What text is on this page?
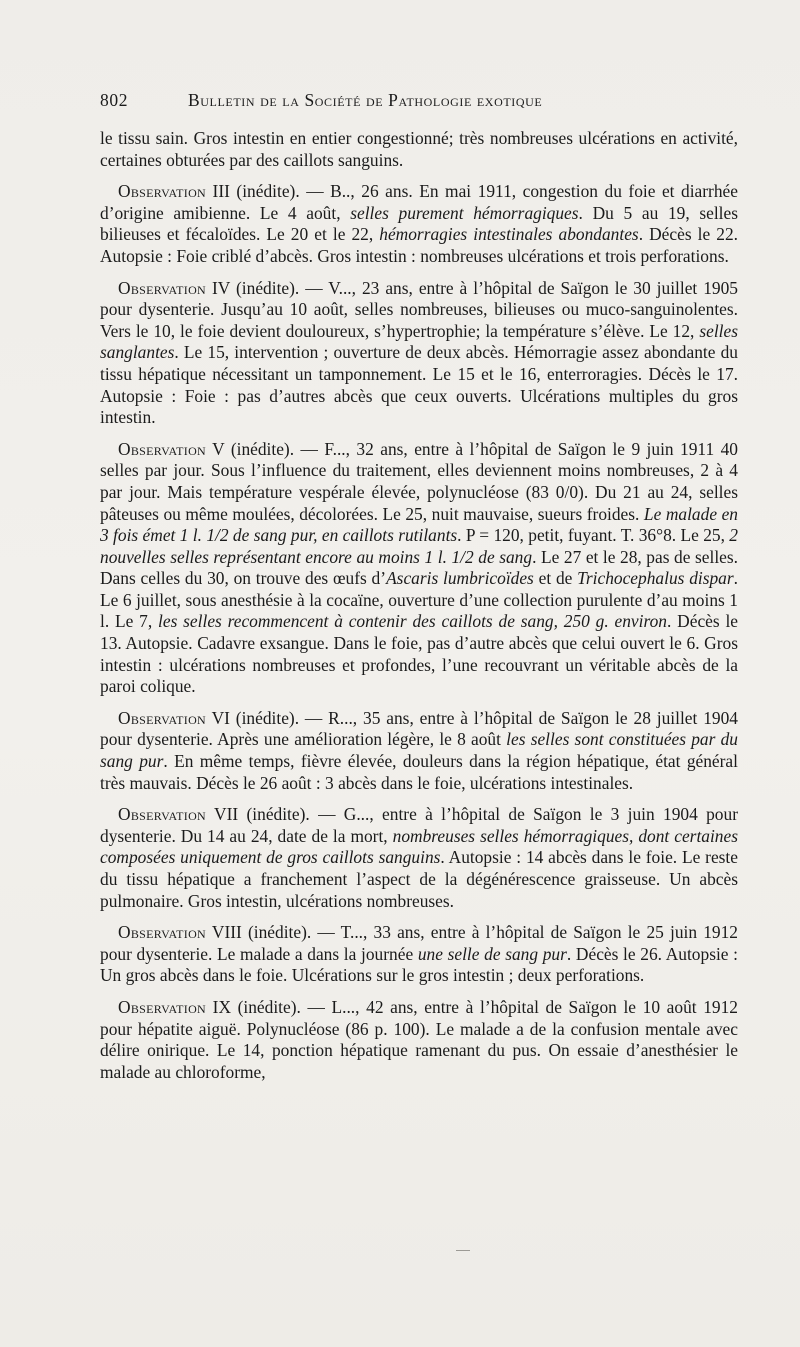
802	Bulletin de la Société de Pathologie exotique

le tissu sain. Gros intestin en entier congestionné; très nombreuses ulcérations en activité, certaines obturées par des caillots sanguins.

Observation III (inédite). — B.., 26 ans. En mai 1911, congestion du foie et diarrhée d’origine amibienne. Le 4 août, selles purement hémorragiques. Du 5 au 19, selles bilieuses et fécaloïdes. Le 20 et le 22, hémorragies intestinales abondantes. Décès le 22. Autopsie : Foie criblé d’abcès. Gros intestin : nombreuses ulcérations et trois perforations.

Observation IV (inédite). — V..., 23 ans, entre à l’hôpital de Saïgon le 30 juillet 1905 pour dysenterie. Jusqu’au 10 août, selles nombreuses, bilieuses ou muco-sanguinolentes. Vers le 10, le foie devient douloureux, s’hypertrophie; la température s’élève. Le 12, selles sanglantes. Le 15, intervention ; ouverture de deux abcès. Hémorragie assez abondante du tissu hépatique nécessitant un tamponnement. Le 15 et le 16, enterroragies. Décès le 17. Autopsie : Foie : pas d’autres abcès que ceux ouverts. Ulcérations multiples du gros intestin.

Observation V (inédite). — F..., 32 ans, entre à l’hôpital de Saïgon le 9 juin 1911 40 selles par jour. Sous l’influence du traitement, elles deviennent moins nombreuses, 2 à 4 par jour. Mais température vespérale élevée, polynucléose (83 0/0). Du 21 au 24, selles pâteuses ou même moulées, décolorées. Le 25, nuit mauvaise, sueurs froides. Le malade en 3 fois émet 1 l. 1/2 de sang pur, en caillots rutilants. P = 120, petit, fuyant. T. 36°8. Le 25, 2 nouvelles selles représentant encore au moins 1 l. 1/2 de sang. Le 27 et le 28, pas de selles. Dans celles du 30, on trouve des œufs d’Ascaris lumbricoïdes et de Trichocephalus dispar. Le 6 juillet, sous anesthésie à la cocaïne, ouverture d’une collection purulente d’au moins 1 l. Le 7, les selles recommencent à contenir des caillots de sang, 250 g. environ. Décès le 13. Autopsie. Cadavre exsangue. Dans le foie, pas d’autre abcès que celui ouvert le 6. Gros intestin : ulcérations nombreuses et profondes, l’une recouvrant un véritable abcès de la paroi colique.

Observation VI (inédite). — R..., 35 ans, entre à l’hôpital de Saïgon le 28 juillet 1904 pour dysenterie. Après une amélioration légère, le 8 août les selles sont constituées par du sang pur. En même temps, fièvre élevée, douleurs dans la région hépatique, état général très mauvais. Décès le 26 août : 3 abcès dans le foie, ulcérations intestinales.

Observation VII (inédite). — G..., entre à l’hôpital de Saïgon le 3 juin 1904 pour dysenterie. Du 14 au 24, date de la mort, nombreuses selles hémorragiques, dont certaines composées uniquement de gros caillots sanguins. Autopsie : 14 abcès dans le foie. Le reste du tissu hépatique a franchement l’aspect de la dégénérescence graisseuse. Un abcès pulmonaire. Gros intestin, ulcérations nombreuses.

Observation VIII (inédite). — T..., 33 ans, entre à l’hôpital de Saïgon le 25 juin 1912 pour dysenterie. Le malade a dans la journée une selle de sang pur. Décès le 26. Autopsie : Un gros abcès dans le foie. Ulcérations sur le gros intestin ; deux perforations.

Observation IX (inédite). — L..., 42 ans, entre à l’hôpital de Saïgon le 10 août 1912 pour hépatite aiguë. Polynucléose (86 p. 100). Le malade a de la confusion mentale avec délire onirique. Le 14, ponction hépatique ramenant du pus. On essaie d’anesthésier le malade au chloroforme,
